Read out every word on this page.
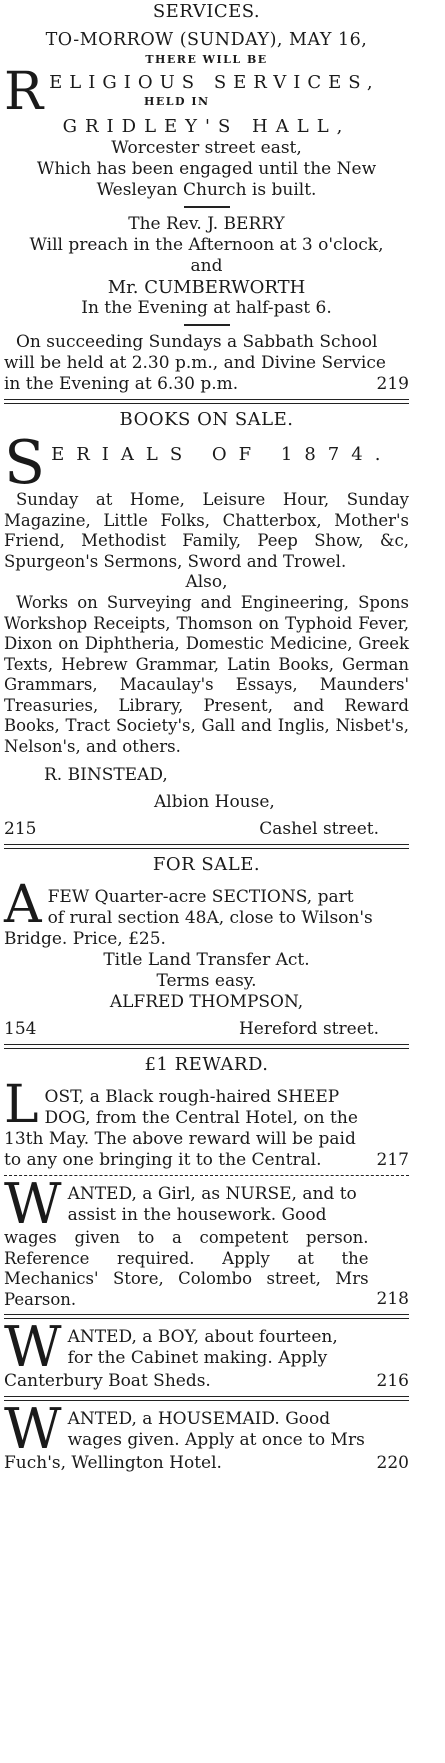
SERVICES.
TO-MORROW (SUNDAY), MAY 16,
THERE WILL BE
R ELIGIOUS SERVICES,
HELD IN
GRIDLEY'S HALL,
Worcester street east,
Which has been engaged until the New
Wesleyan Church is built.
The Rev. J. BERRY
Will preach in the Afternoon at 3 o'clock,
and
Mr. CUMBERWORTH
In the Evening at half-past 6.
On succeeding Sundays a Sabbath School
will be held at 2.30 p.m., and Divine Service
in the Evening at 6.30 p.m.	219
BOOKS ON SALE.
S ERIALS OF 1874.
Sunday at Home, Leisure Hour, Sunday Magazine, Little Folks, Chatterbox, Mother's Friend, Methodist Family, Peep Show, &c, Spurgeon's Sermons, Sword and Trowel.
Also,
Works on Surveying and Engineering, Spons Workshop Receipts, Thomson on Typhoid Fever, Dixon on Diphtheria, Domestic Medicine, Greek Texts, Hebrew Grammar, Latin Books, German Grammars, Macaulay's Essays, Maunders' Treasuries, Library, Present, and Reward Books, Tract Society's, Gall and Inglis, Nisbet's, Nelson's, and others.
R. BINSTEAD,
Albion House,
215	Cashel street.
FOR SALE.
A FEW Quarter-acre SECTIONS, part
of rural section 48A, close to Wilson's
Bridge. Price, £25.
Title Land Transfer Act.
Terms easy.
ALFRED THOMPSON,
154	Hereford street.
£1 REWARD.
L OST, a Black rough-haired SHEEP
DOG, from the Central Hotel, on the
13th May. The above reward will be paid
to any one bringing it to the Central.	217
W ANTED, a Girl, as NURSE, and to
assist in the housework. Good
wages given to a competent person. Reference required. Apply at the Mechanics' Store, Colombo street, Mrs Pearson.	218
W ANTED, a BOY, about fourteen,
for the Cabinet making. Apply
Canterbury Boat Sheds.	216
W ANTED, a HOUSEMAID. Good
wages given. Apply at once to Mrs
Fuch's, Wellington Hotel.	220
